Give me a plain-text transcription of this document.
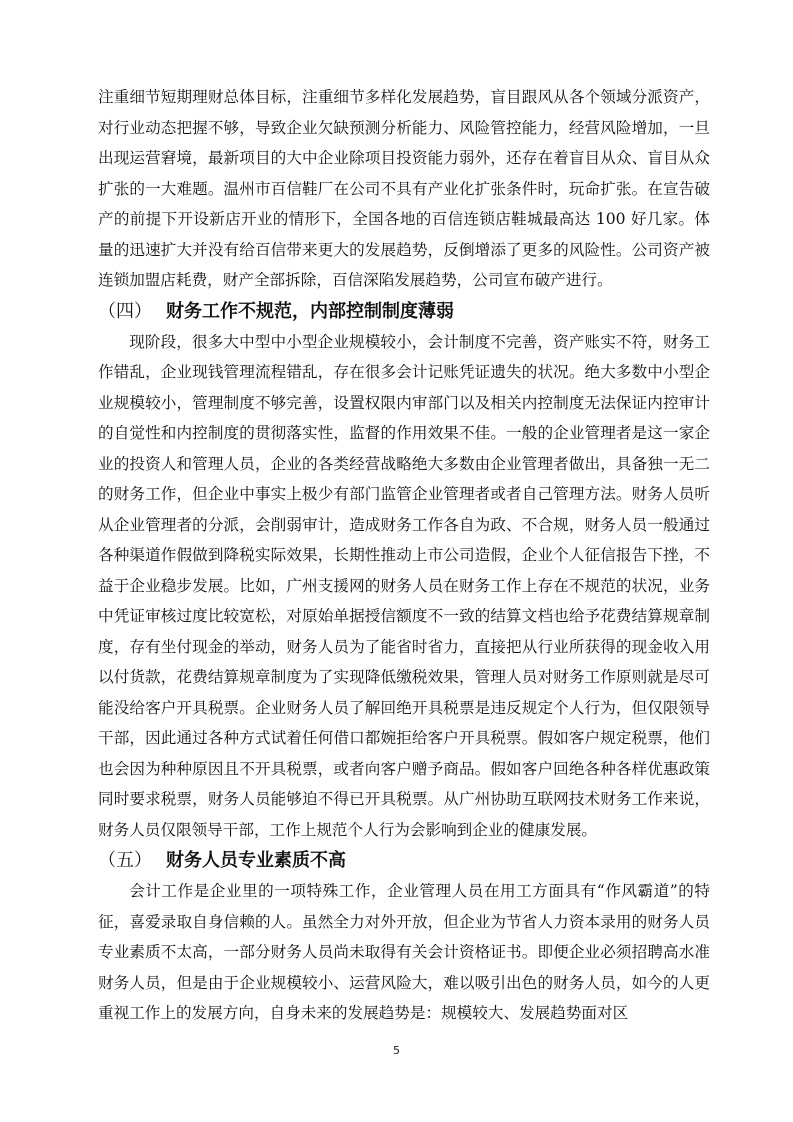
注重细节短期理财总体目标，注重细节多样化发展趋势，盲目跟风从各个领域分派资产，对行业动态把握不够，导致企业欠缺预测分析能力、风险管控能力，经营风险增加，一旦出现运营窘境，最新项目的大中企业除项目投资能力弱外，还存在着盲目从众、盲目从众扩张的一大难题。温州市百信鞋厂在公司不具有产业化扩张条件时，玩命扩张。在宣告破产的前提下开设新店开业的情形下，全国各地的百信连锁店鞋城最高达 100 好几家。体量的迅速扩大并没有给百信带来更大的发展趋势，反倒增添了更多的风险性。公司资产被连锁加盟店耗费，财产全部拆除，百信深陷发展趋势，公司宣布破产进行。

（四） 财务工作不规范，内部控制制度薄弱

现阶段，很多大中型中小型企业规模较小，会计制度不完善，资产账实不符，财务工作错乱，企业现钱管理流程错乱，存在很多会计记账凭证遗失的状况。绝大多数中小型企业规模较小，管理制度不够完善，设置权限内审部门以及相关内控制度无法保证内控审计的自觉性和内控制度的贯彻落实性，监督的作用效果不佳。一般的企业管理者是这一家企业的投资人和管理人员，企业的各类经营战略绝大多数由企业管理者做出，具备独一无二的财务工作，但企业中事实上极少有部门监管企业管理者或者自己管理方法。财务人员听从企业管理者的分派，会削弱审计，造成财务工作各自为政、不合规，财务人员一般通过各种渠道作假做到降税实际效果，长期性推动上市公司造假，企业个人征信报告下挫，不益于企业稳步发展。比如，广州支援网的财务人员在财务工作上存在不规范的状况，业务中凭证审核过度比较宽松，对原始单据授信额度不一致的结算文档也给予花费结算规章制度，存有坐付现金的举动，财务人员为了能省时省力，直接把从行业所获得的现金收入用以付货款，花费结算规章制度为了实现降低缴税效果，管理人员对财务工作原则就是尽可能没给客户开具税票。企业财务人员了解回绝开具税票是违反规定个人行为，但仅限领导干部，因此通过各种方式试着任何借口都婉拒给客户开具税票。假如客户规定税票，他们也会因为种种原因且不开具税票，或者向客户赠予商品。假如客户回绝各种各样优惠政策同时要求税票，财务人员能够迫不得已开具税票。从广州协助互联网技术财务工作来说，财务人员仅限领导干部，工作上规范个人行为会影响到企业的健康发展。

（五） 财务人员专业素质不高

会计工作是企业里的一项特殊工作，企业管理人员在用工方面具有“作风霸道”的特征，喜爱录取自身信赖的人。虽然全力对外开放，但企业为节省人力资本录用的财务人员专业素质不太高，一部分财务人员尚未取得有关会计资格证书。即便企业必须招聘高水准财务人员，但是由于企业规模较小、运营风险大，难以吸引出色的财务人员，如今的人更重视工作上的发展方向，自身未来的发展趋势是：规模较大、发展趋势面对区

5
